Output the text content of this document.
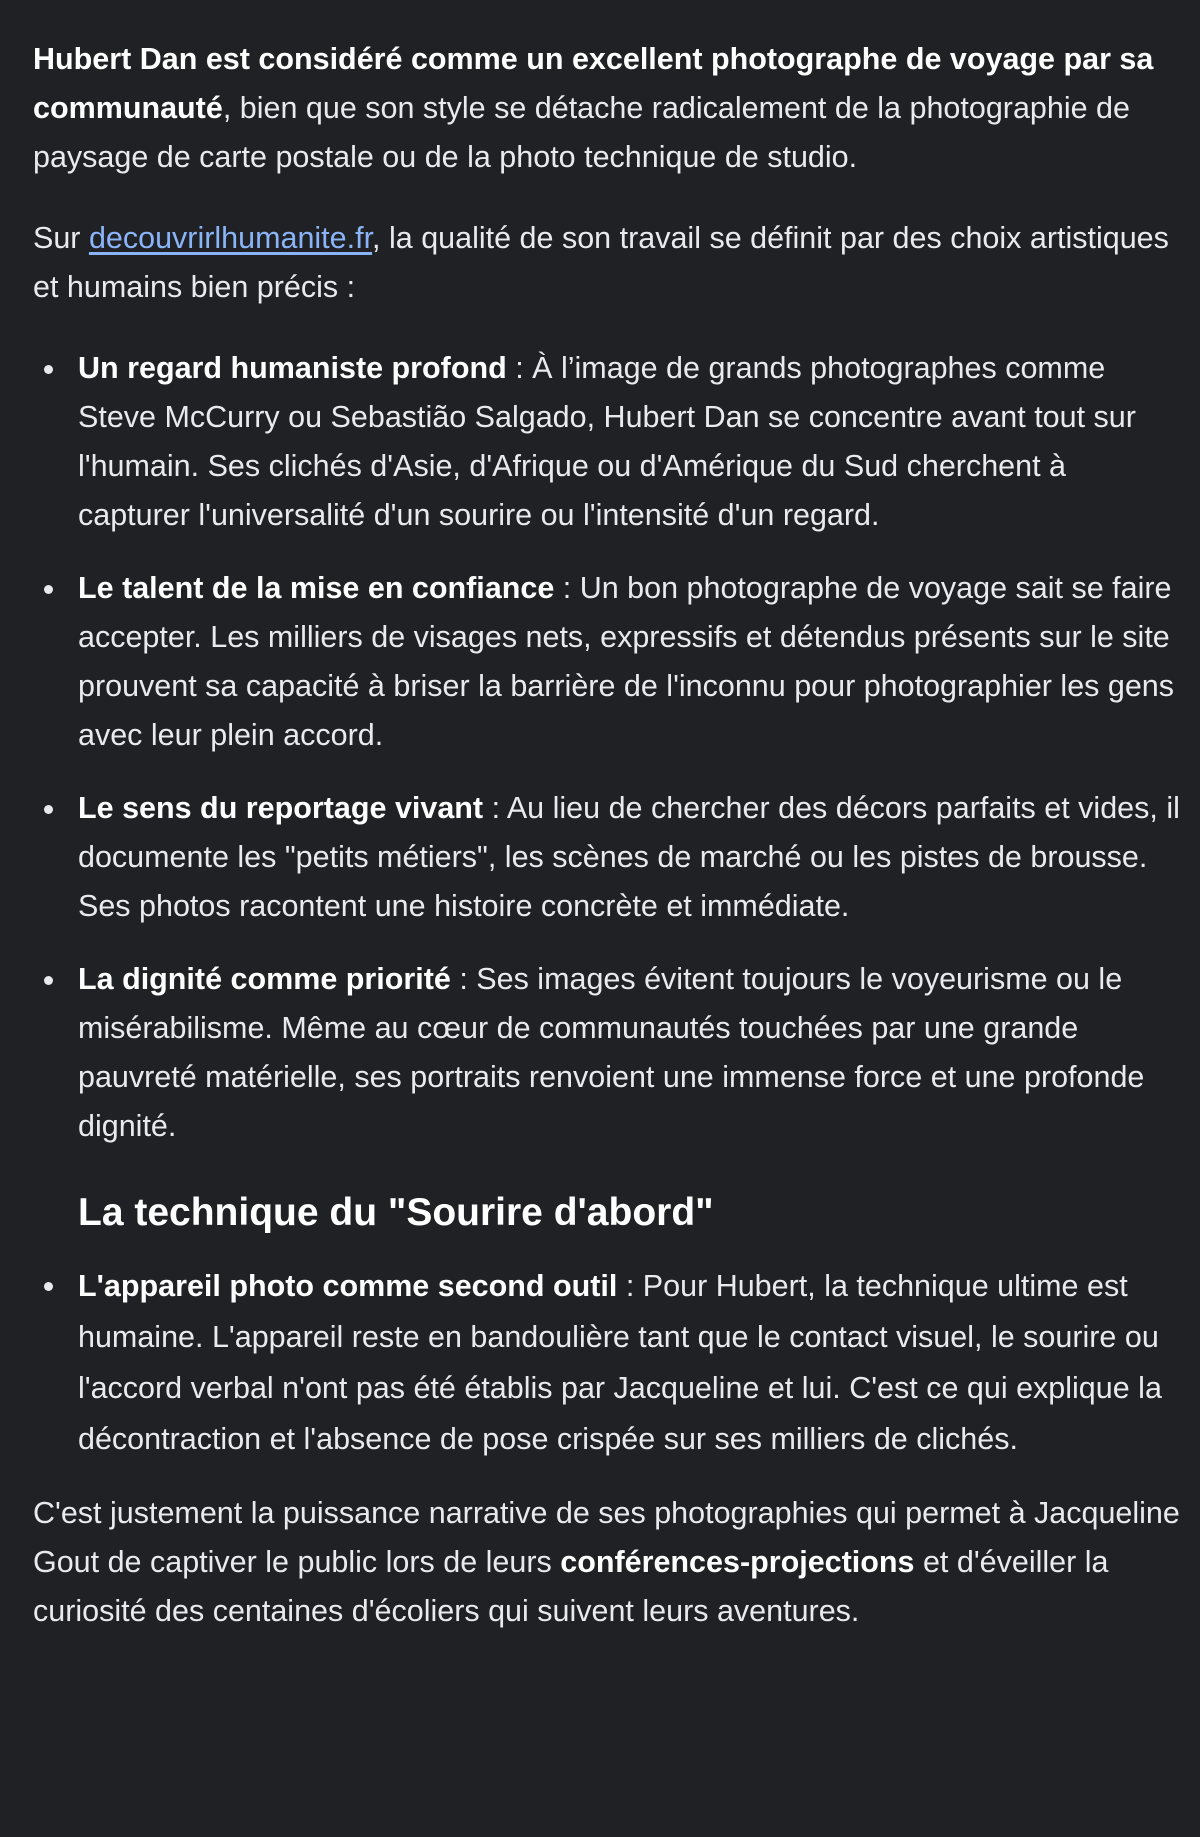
Hubert Dan est considéré comme un excellent photographe de voyage par sa communauté, bien que son style se détache radicalement de la photographie de paysage de carte postale ou de la photo technique de studio.

Sur decouvrirlhumanite.fr, la qualité de son travail se définit par des choix artistiques et humains bien précis :

Un regard humaniste profond : À l’image de grands photographes comme Steve McCurry ou Sebastião Salgado, Hubert Dan se concentre avant tout sur l'humain. Ses clichés d'Asie, d'Afrique ou d'Amérique du Sud cherchent à capturer l'universalité d'un sourire ou l'intensité d'un regard.
Le talent de la mise en confiance : Un bon photographe de voyage sait se faire accepter. Les milliers de visages nets, expressifs et détendus présents sur le site prouvent sa capacité à briser la barrière de l'inconnu pour photographier les gens avec leur plein accord.
Le sens du reportage vivant : Au lieu de chercher des décors parfaits et vides, il documente les "petits métiers", les scènes de marché ou les pistes de brousse. Ses photos racontent une histoire concrète et immédiate.
La dignité comme priorité : Ses images évitent toujours le voyeurisme ou le misérabilisme. Même au cœur de communautés touchées par une grande pauvreté matérielle, ses portraits renvoient une immense force et une profonde dignité.
La technique du "Sourire d'abord"
L'appareil photo comme second outil : Pour Hubert, la technique ultime est humaine. L'appareil reste en bandoulière tant que le contact visuel, le sourire ou l'accord verbal n'ont pas été établis par Jacqueline et lui. C'est ce qui explique la décontraction et l'absence de pose crispée sur ses milliers de clichés.

C'est justement la puissance narrative de ses photographies qui permet à Jacqueline Gout de captiver le public lors de leurs conférences-projections et d'éveiller la curiosité des centaines d'écoliers qui suivent leurs aventures.
